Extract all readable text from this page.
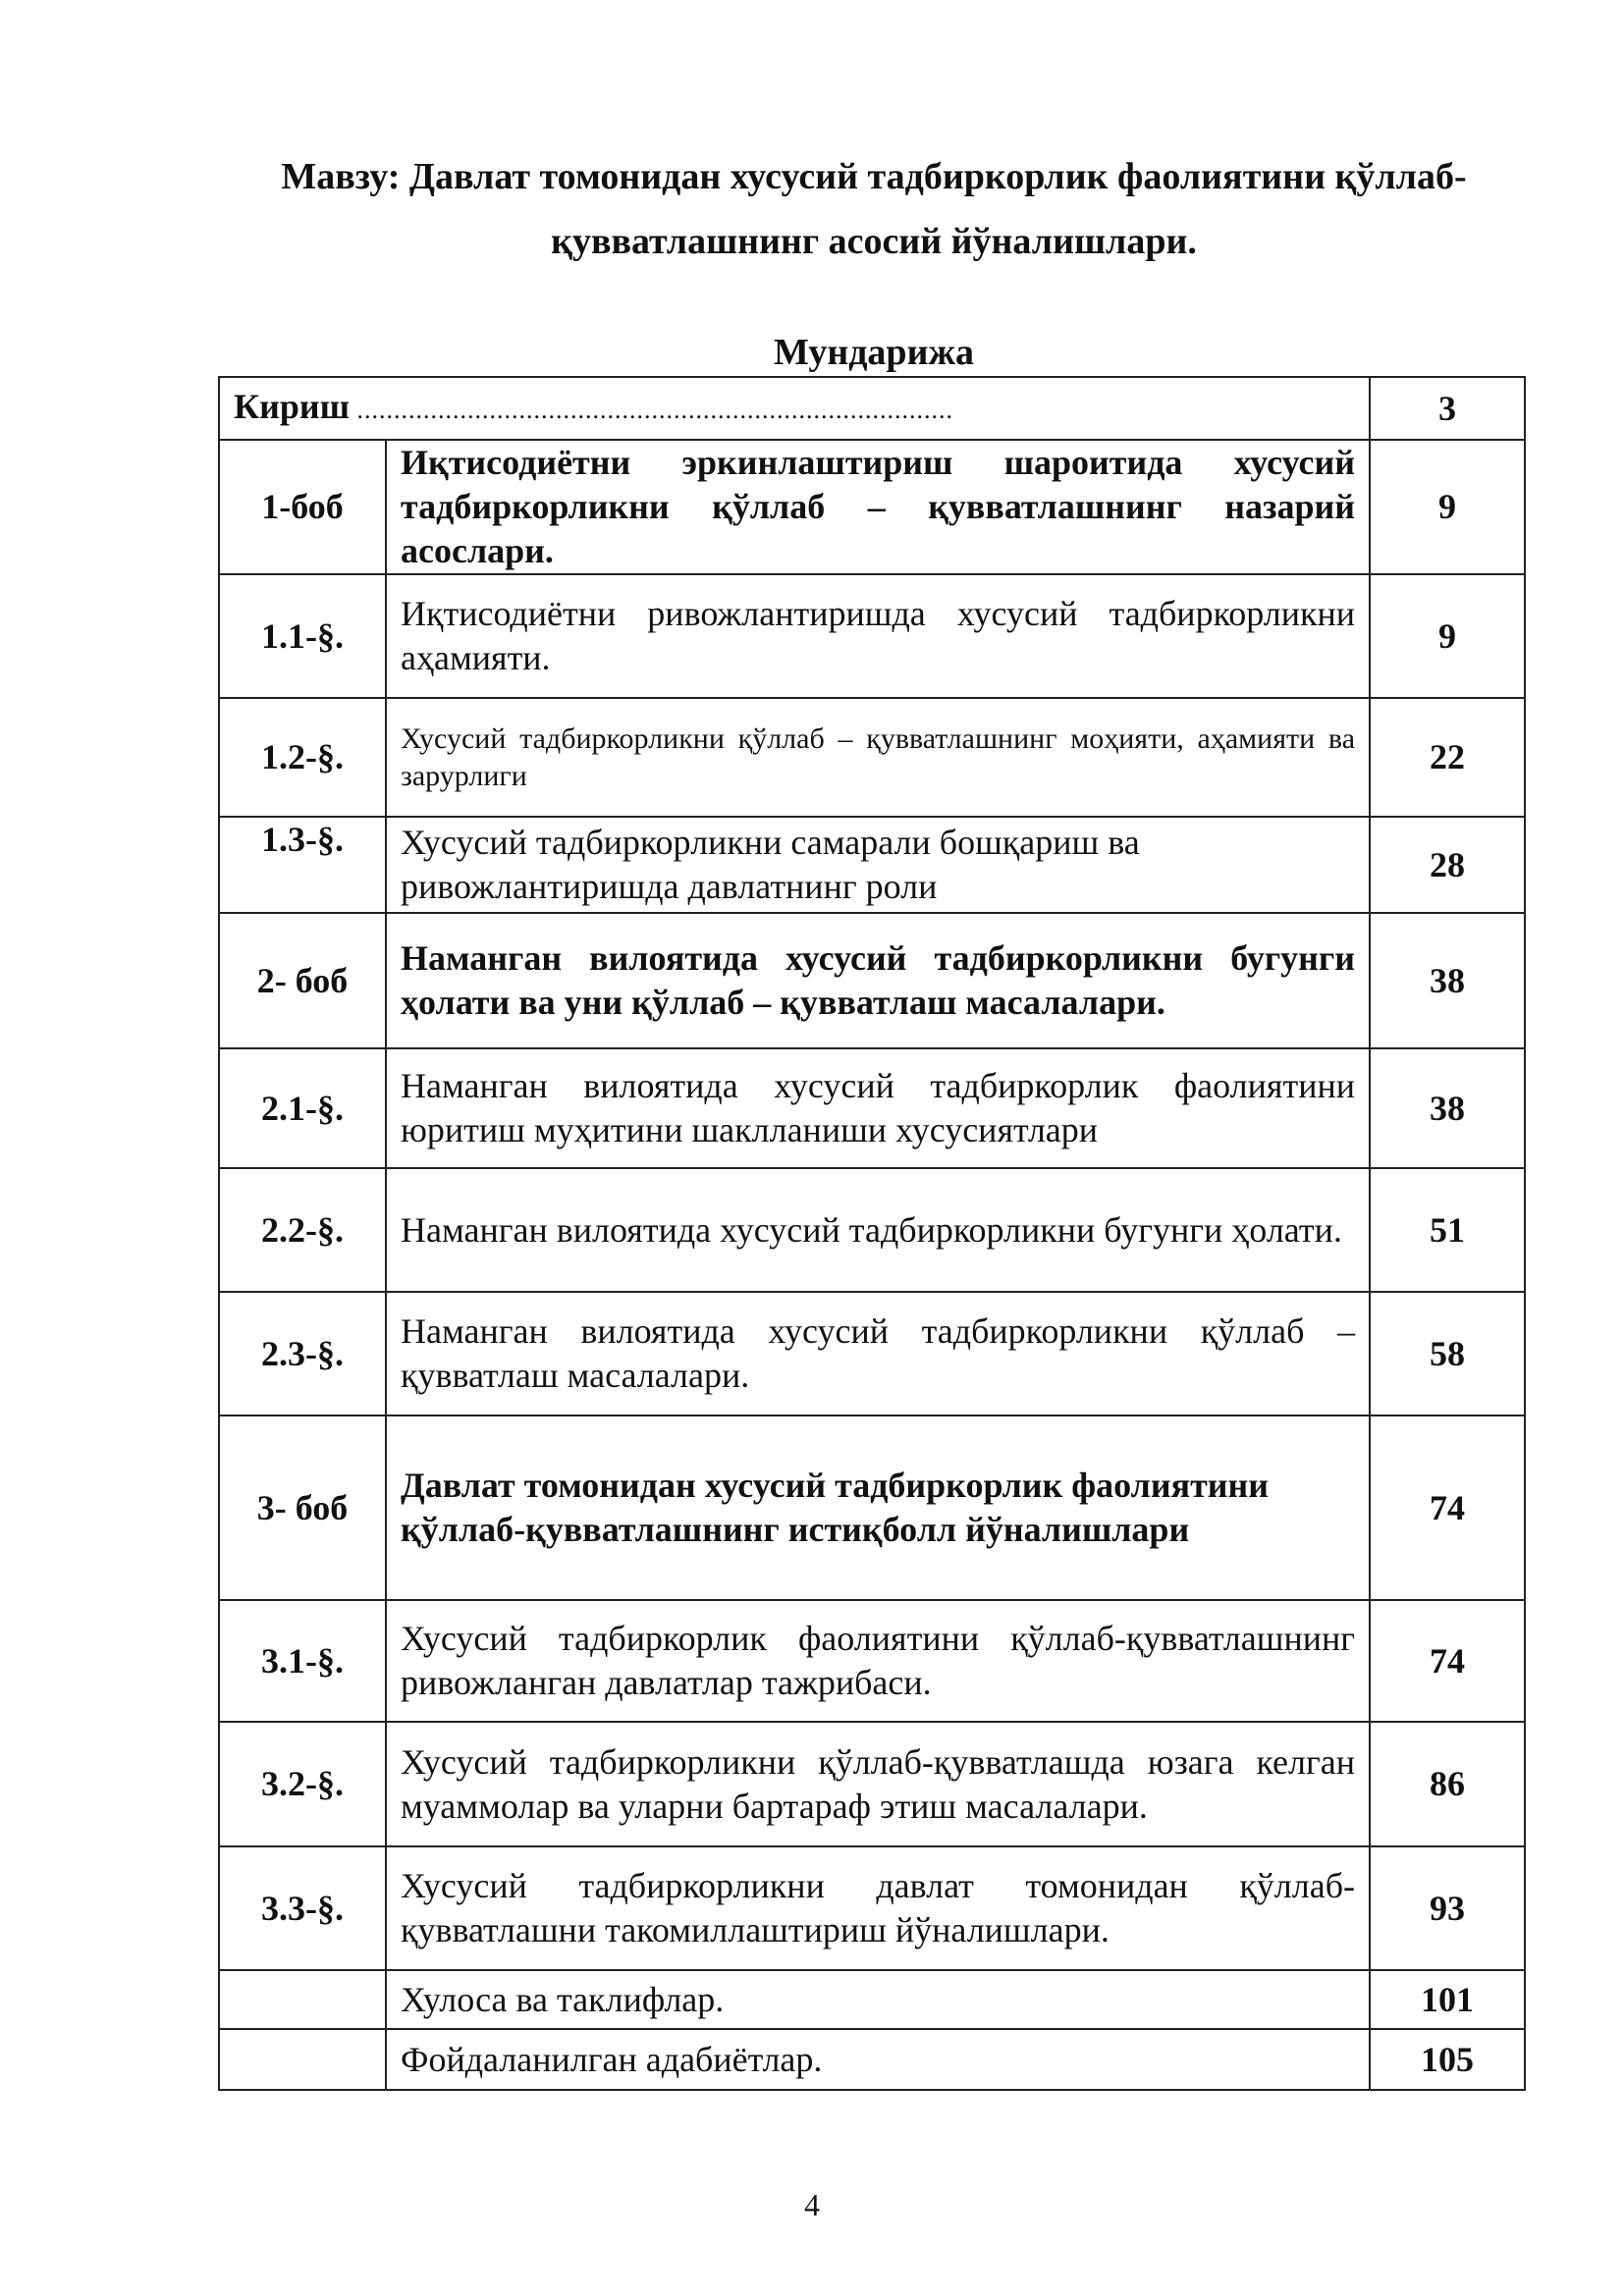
Мавзу: Давлат томонидан хусусий тадбиркорлик фаолиятини қўллаб-
қувватлашнинг асосий йўналишлари.
Мундарижа
Кириш .................................................................................		3
1-боб	Иқтисодиётни эркинлаштириш шароитида хусусий тадбиркорликни қўллаб – қувватлашнинг назарий асослари.	9
1.1-§.	Иқтисодиётни ривожлантиришда хусусий тадбиркорликни аҳамияти.	9
1.2-§.	Хусусий тадбиркорликни қўллаб – қувватлашнинг моҳияти, аҳамияти ва зарурлиги	22
1.3-§.	Хусусий тадбиркорликни самарали бошқариш ва ривожлантиришда давлатнинг роли	28
2- боб	Наманган вилоятида хусусий тадбиркорликни бугунги ҳолати ва уни қўллаб – қувватлаш масалалари.	38
2.1-§.	Наманган вилоятида хусусий тадбиркорлик фаолиятини юритиш муҳитини шаклланиши хусусиятлари	38
2.2-§.	Наманган вилоятида хусусий тадбиркорликни бугунги ҳолати.	51
2.3-§.	Наманган вилоятида хусусий тадбиркорликни қўллаб – қувватлаш масалалари.	58
3- боб	Давлат томонидан хусусий тадбиркорлик фаолиятини қўллаб-қувватлашнинг истиқболл йўналишлари	74
3.1-§.	Хусусий тадбиркорлик фаолиятини қўллаб-қувватлашнинг ривожланган давлатлар тажрибаси.	74
3.2-§.	Хусусий тадбиркорликни қўллаб-қувватлашда юзага келган муаммолар ва уларни бартараф этиш масалалари.	86
3.3-§.	Хусусий тадбиркорликни давлат томонидан қўллаб-қувватлашни такомиллаштириш йўналишлари.	93
	Хулоса ва таклифлар.	101
	Фойдаланилган адабиётлар.	105
4
